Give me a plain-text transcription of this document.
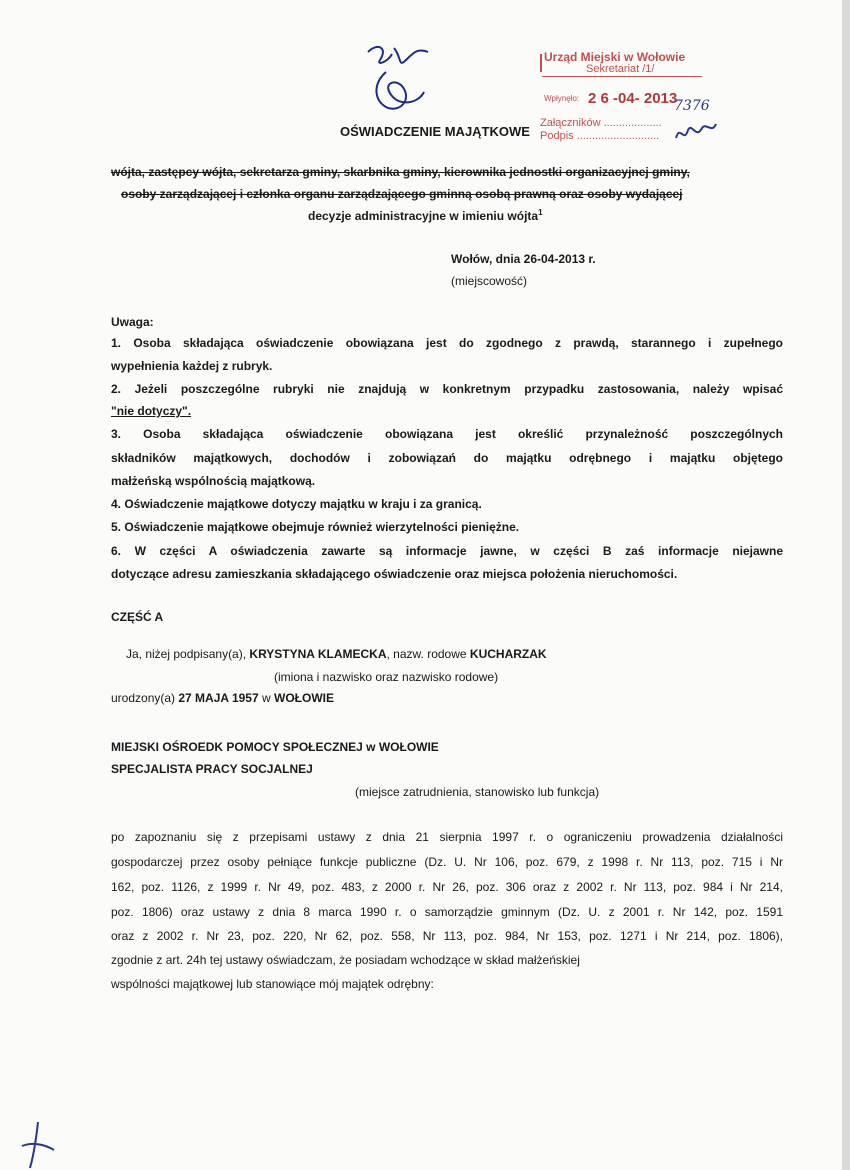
Urząd Miejski w Wołowie
Sekretariat /1/
Wpłynęło: 2 6 -04- 2013
7376
Załączników ...................
Podpis ...........................
OŚWIADCZENIE MAJĄTKOWE
wójta, zastępcy wójta, sekretarza gminy, skarbnika gminy, kierownika jednostki organizacyjnej gminy,
osoby zarządzającej i członka organu zarządzającego gminną osobą prawną oraz osoby wydającej
decyzje administracyjne w imieniu wójta$^1$
Wołów, dnia 26-04-2013 r.
(miejscowość)
Uwaga:
1. Osoba składająca oświadczenie obowiązana jest do zgodnego z prawdą, starannego i zupełnego
wypełnienia każdej z rubryk.
2. Jeżeli poszczególne rubryki nie znajdują w konkretnym przypadku zastosowania, należy wpisać
"nie dotyczy".
3. Osoba składająca oświadczenie obowiązana jest określić przynależność poszczególnych
składników majątkowych, dochodów i zobowiązań do majątku odrębnego i majątku objętego
małżeńską wspólnością majątkową.
4. Oświadczenie majątkowe dotyczy majątku w kraju i za granicą.
5. Oświadczenie majątkowe obejmuje również wierzytelności pieniężne.
6. W części A oświadczenia zawarte są informacje jawne, w części B zaś informacje niejawne
dotyczące adresu zamieszkania składającego oświadczenie oraz miejsca położenia nieruchomości.
CZĘŚĆ A
Ja, niżej podpisany(a), KRYSTYNA KLAMECKA, nazw. rodowe KUCHARZAK
(imiona i nazwisko oraz nazwisko rodowe)
urodzony(a) 27 MAJA 1957 w WOŁOWIE
MIEJSKI OŚROEDK POMOCY SPOŁECZNEJ w WOŁOWIE
SPECJALISTA PRACY SOCJALNEJ
(miejsce zatrudnienia, stanowisko lub funkcja)
po zapoznaniu się z przepisami ustawy z dnia 21 sierpnia 1997 r. o ograniczeniu prowadzenia działalności
gospodarczej przez osoby pełniące funkcje publiczne (Dz. U. Nr 106, poz. 679, z 1998 r. Nr 113, poz. 715 i Nr
162, poz. 1126, z 1999 r. Nr 49, poz. 483, z 2000 r. Nr 26, poz. 306 oraz z 2002 r. Nr 113, poz. 984 i Nr 214,
poz. 1806) oraz ustawy z dnia 8 marca 1990 r. o samorządzie gminnym (Dz. U. z 2001 r. Nr 142, poz. 1591
oraz z 2002 r. Nr 23, poz. 220, Nr 62, poz. 558, Nr 113, poz. 984, Nr 153, poz. 1271 i Nr 214, poz. 1806),
zgodnie z art. 24h tej ustawy oświadczam, że posiadam wchodzące w skład małżeńskiej
wspólności majątkowej lub stanowiące mój majątek odrębny:
